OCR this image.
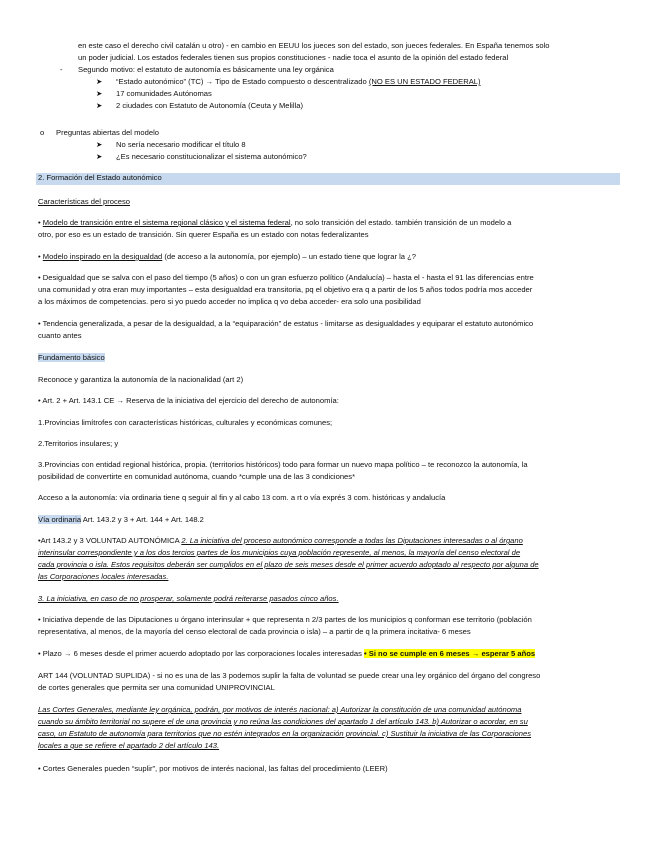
en este caso el derecho civil catalán u otro) - en cambio en EEUU los jueces son del estado, son jueces federales. En España tenemos solo

un poder judicial. Los estados federales tienen sus propios constituciones - nadie toca el asunto de la opinión del estado federal

- Segundo motivo: el estatuto de autonomía es básicamente una ley orgánica

➤ “Estado autonómico” (TC) → Tipo de Estado compuesto o descentralizado (NO ES UN ESTADO FEDERAL)

➤ 17 comunidades Autónomas

➤ 2 ciudades con Estatuto de Autonomía (Ceuta y Melilla)

o Preguntas abiertas del modelo

➤ No sería necesario modificar el título 8

➤ ¿Es necesario constitucionalizar el sistema autonómico?

2. Formación del Estado autonómico

Características del proceso

• Modelo de transición entre el sistema regional clásico y el sistema federal, no solo transición del estado. también transición de un modelo a

otro, por eso es un estado de transición. Sin querer España es un estado con notas federalizantes

• Modelo inspirado en la desigualdad (de acceso a la autonomía, por ejemplo) – un estado tiene que lograr la ¿?

• Desigualdad que se salva con el paso del tiempo (5 años) o con un gran esfuerzo político (Andalucía) – hasta el - hasta el 91 las diferencias entre

una comunidad y otra eran muy importantes – esta desigualdad era transitoria, pq el objetivo era q a partir de los 5 años todos podría mos acceder

a los máximos de competencias. pero si yo puedo acceder no implica q vo deba acceder- era solo una posibilidad

• Tendencia generalizada, a pesar de la desigualdad, a la “equiparación” de estatus - limitarse as desigualdades y equiparar el estatuto autonómico

cuanto antes

Fundamento básico

Reconoce y garantiza la autonomía de la nacionalidad (art 2)

• Art. 2 + Art. 143.1 CE → Reserva de la iniciativa del ejercicio del derecho de autonomía:

1.Provincias limítrofes con características históricas, culturales y económicas comunes;

2.Territorios insulares; y

3.Provincias con entidad regional histórica, propia. (territorios históricos) todo para formar un nuevo mapa político – te reconozco la autonomía, la

posibilidad de convertirte en comunidad autónoma, cuando *cumple una de las 3 condiciones*

Acceso a la autonomía: vía ordinaria tiene q seguir al fin y al cabo 13 com. a rt o vía exprés 3 com. históricas y andalucía

Vía ordinaria Art. 143.2 y 3 + Art. 144 + Art. 148.2

•Art 143.2 y 3 VOLUNTAD AUTONÓMICA 2. La iniciativa del proceso autonómico corresponde a todas las Diputaciones interesadas o al órgano

interinsular correspondiente y a los dos tercios partes de los municipios cuya población represente, al menos, la mayoría del censo electoral de

cada provincia o isla. Estos requisitos deberán ser cumplidos en el plazo de seis meses desde el primer acuerdo adoptado al respecto por alguna de

las Corporaciones locales interesadas.

3. La iniciativa, en caso de no prosperar, solamente podrá reiterarse pasados cinco años.

• Iniciativa depende de las Diputaciones u órgano interinsular + que representa n 2/3 partes de los municipios q conforman ese territorio (población

representativa, al menos, de la mayoría del censo electoral de cada provincia o isla) – a partir de q la primera incitativa- 6 meses

• Plazo → 6 meses desde el primer acuerdo adoptado por las corporaciones locales interesadas • Si no se cumple en 6 meses → esperar 5 años

ART 144 (VOLUNTAD SUPLIDA) - si no es una de las 3 podemos suplir la falta de voluntad se puede crear una ley orgánico del órgano del congreso

de cortes generales que permita ser una comunidad UNIPROVINCIAL

Las Cortes Generales, mediante ley orgánica, podrán, por motivos de interés nacional: a) Autorizar la constitución de una comunidad autónoma

cuando su ámbito territorial no supere el de una provincia y no reúna las condiciones del apartado 1 del artículo 143. b) Autorizar o acordar, en su

caso, un Estatuto de autonomía para territorios que no estén integrados en la organización provincial. c) Sustituir la iniciativa de las Corporaciones

locales a que se refiere el apartado 2 del artículo 143.

• Cortes Generales pueden “suplir”, por motivos de interés nacional, las faltas del procedimiento (LEER)
